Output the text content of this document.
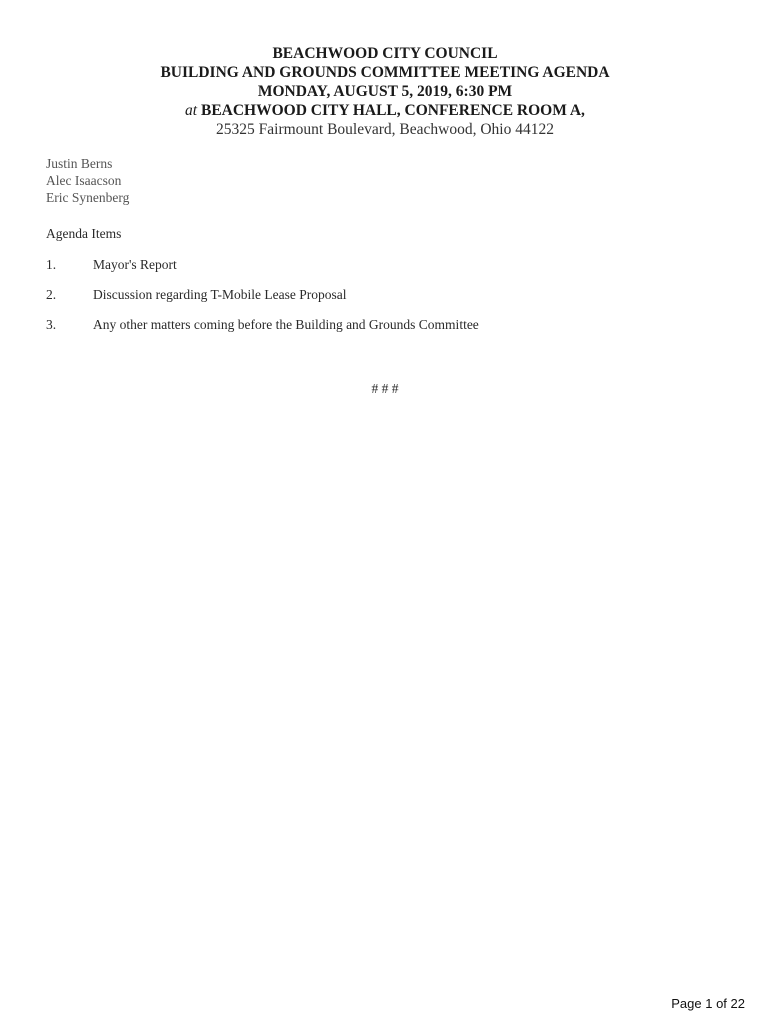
BEACHWOOD CITY COUNCIL
BUILDING AND GROUNDS COMMITTEE MEETING AGENDA
MONDAY, AUGUST 5, 2019, 6:30 PM
at BEACHWOOD CITY HALL, CONFERENCE ROOM A,
25325 Fairmount Boulevard, Beachwood, Ohio 44122
Justin Berns
Alec Isaacson
Eric Synenberg
Agenda Items
1.	Mayor's Report
2.	Discussion regarding T-Mobile Lease Proposal
3.	Any other matters coming before the Building and Grounds Committee
# # #
Page 1 of 22
